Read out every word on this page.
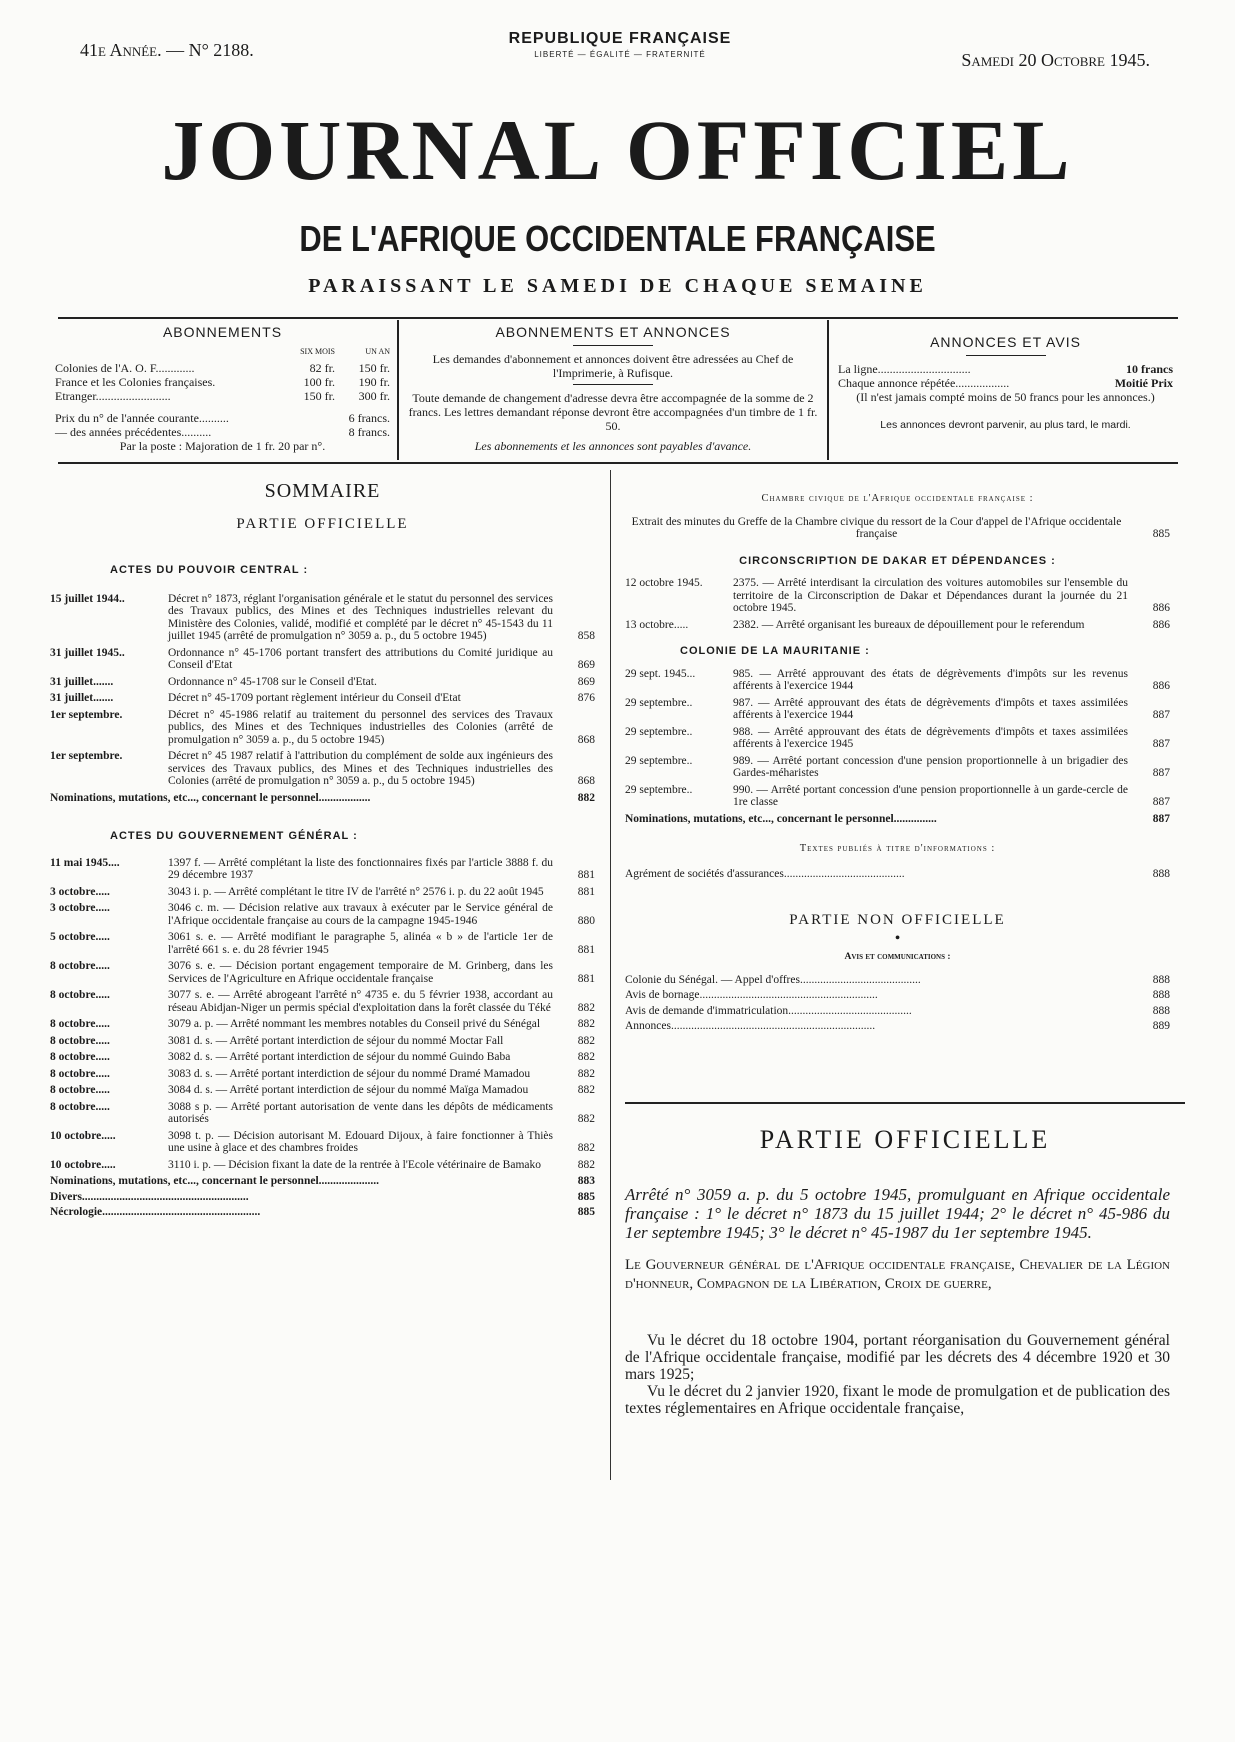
41e Année. — N° 2188.
REPUBLIQUE FRANÇAISE
LIBERTÉ — ÉGALITÉ — FRATERNITÉ	Samedi 20 Octobre 1945.
JOURNAL OFFICIEL
DE L'AFRIQUE OCCIDENTALE FRANÇAISE
PARAISSANT LE SAMEDI DE CHAQUE SEMAINE
ABONNEMENTS
SIX MOIS	UN AN
Colonies de l'A. O. F.............	82 fr.	150 fr.
France et les Colonies françaises.	100 fr.	190 fr.
Etranger.........................	150 fr.	300 fr.
Prix du n° de l'année courante..........	6 francs.
— des années précédentes..........	8 francs.
Par la poste : Majoration de 1 fr. 20 par n°.
ABONNEMENTS ET ANNONCES
Les demandes d'abonnement et annonces doivent être adressées au Chef de l'Imprimerie, à Rufisque.
Toute demande de changement d'adresse devra être accompagnée de la somme de 2 francs. Les lettres demandant réponse devront être accompagnées d'un timbre de 1 fr. 50.
Les abonnements et les annonces sont payables d'avance.
ANNONCES ET AVIS
La ligne...............................	10 francs
Chaque annonce répétée..................	Moitié Prix
(Il n'est jamais compté moins de 50 francs pour les annonces.)
Les annonces devront parvenir, au plus tard, le mardi.
SOMMAIRE
PARTIE OFFICIELLE
ACTES DU POUVOIR CENTRAL :
15 juillet 1944..	Décret n° 1873, réglant l'organisation générale et le statut du personnel des services des Travaux publics, des Mines et des Techniques industrielles relevant du Ministère des Colonies, validé, modifié et complété par le décret n° 45-1543 du 11 juillet 1945 (arrêté de promulgation n° 3059 a. p., du 5 octobre 1945)	858
31 juillet 1945..	Ordonnance n° 45-1706 portant transfert des attributions du Comité juridique au Conseil d'Etat	869
31 juillet.......	Ordonnance n° 45-1708 sur le Conseil d'Etat.	869
31 juillet.......	Décret n° 45-1709 portant règlement intérieur du Conseil d'Etat	876
1er septembre.	Décret n° 45-1986 relatif au traitement du personnel des services des Travaux publics, des Mines et des Techniques industrielles des Colonies (arrêté de promulgation n° 3059 a. p., du 5 octobre 1945)	868
1er septembre.	Décret n° 45 1987 relatif à l'attribution du complément de solde aux ingénieurs des services des Travaux publics, des Mines et des Techniques industrielles des Colonies (arrêté de promulgation n° 3059 a. p., du 5 octobre 1945)	868
Nominations, mutations, etc..., concernant le personnel..................	882
ACTES DU GOUVERNEMENT GÉNÉRAL :
11 mai 1945....	1397 f. — Arrêté complétant la liste des fonctionnaires fixés par l'article 3888 f. du 29 décembre 1937	881
3 octobre.....	3043 i. p. — Arrêté complétant le titre IV de l'arrêté n° 2576 i. p. du 22 août 1945	881
3 octobre.....	3046 c. m. — Décision relative aux travaux à exécuter par le Service général de l'Afrique occidentale française au cours de la campagne 1945-1946	880
5 octobre.....	3061 s. e. — Arrêté modifiant le paragraphe 5, alinéa « b » de l'article 1er de l'arrêté 661 s. e. du 28 février 1945	881
8 octobre.....	3076 s. e. — Décision portant engagement temporaire de M. Grinberg, dans les Services de l'Agriculture en Afrique occidentale française	881
8 octobre.....	3077 s. e. — Arrêté abrogeant l'arrêté n° 4735 e. du 5 février 1938, accordant au réseau Abidjan-Niger un permis spécial d'exploitation dans la forêt classée du Téké	882
8 octobre.....	3079 a. p. — Arrêté nommant les membres notables du Conseil privé du Sénégal	882
8 octobre.....	3081 d. s. — Arrêté portant interdiction de séjour du nommé Moctar Fall	882
8 octobre.....	3082 d. s. — Arrêté portant interdiction de séjour du nommé Guindo Baba	882
8 octobre.....	3083 d. s. — Arrêté portant interdiction de séjour du nommé Dramé Mamadou	882
8 octobre.....	3084 d. s. — Arrêté portant interdiction de séjour du nommé Maïga Mamadou	882
8 octobre.....	3088 s p. — Arrêté portant autorisation de vente dans les dépôts de médicaments autorisés	882
10 octobre.....	3098 t. p. — Décision autorisant M. Edouard Dijoux, à faire fonctionner à Thiès une usine à glace et des chambres froides	882
10 octobre.....	3110 i. p. — Décision fixant la date de la rentrée à l'Ecole vétérinaire de Bamako	882
Nominations, mutations, etc..., concernant le personnel.....................	883
Divers..........................................................	885
Nécrologie.......................................................	885
Chambre civique de l'Afrique occidentale française :
Extrait des minutes du Greffe de la Chambre civique du ressort de la Cour d'appel de l'Afrique occidentale française	885
CIRCONSCRIPTION DE DAKAR ET DÉPENDANCES :
12 octobre 1945.	2375. — Arrêté interdisant la circulation des voitures automobiles sur l'ensemble du territoire de la Circonscription de Dakar et Dépendances durant la journée du 21 octobre 1945.	886
13 octobre.....	2382. — Arrêté organisant les bureaux de dépouillement pour le referendum	886
COLONIE DE LA MAURITANIE :
29 sept. 1945...	985. — Arrêté approuvant des états de dégrèvements d'impôts sur les revenus afférents à l'exercice 1944	886
29 septembre..	987. — Arrêté approuvant des états de dégrèvements d'impôts et taxes assimilées afférents à l'exercice 1944	887
29 septembre..	988. — Arrêté approuvant des états de dégrèvements d'impôts et taxes assimilées afférents à l'exercice 1945	887
29 septembre..	989. — Arrêté portant concession d'une pension proportionnelle à un brigadier des Gardes-méharistes	887
29 septembre..	990. — Arrêté portant concession d'une pension proportionnelle à un garde-cercle de 1re classe	887
Nominations, mutations, etc..., concernant le personnel...............	887
Textes publiés à titre d'informations :
Agrément de sociétés d'assurances..........................................	888
PARTIE NON OFFICIELLE
•
Avis et communications :
Colonie du Sénégal. — Appel d'offres..........................................	888
Avis de bornage..............................................................	888
Avis de demande d'immatriculation...........................................	888
Annonces.......................................................................	889
PARTIE OFFICIELLE
Arrêté n° 3059 a. p. du 5 octobre 1945, promulguant en Afrique occidentale française : 1° le décret n° 1873 du 15 juillet 1944; 2° le décret n° 45-986 du 1er septembre 1945; 3° le décret n° 45-1987 du 1er septembre 1945.
Le Gouverneur général de l'Afrique occidentale française, Chevalier de la Légion d'honneur, Compagnon de la Libération, Croix de guerre,

Vu le décret du 18 octobre 1904, portant réorganisation du Gouvernement général de l'Afrique occidentale française, modifié par les décrets des 4 décembre 1920 et 30 mars 1925;

Vu le décret du 2 janvier 1920, fixant le mode de promulgation et de publication des textes réglementaires en Afrique occidentale française,
